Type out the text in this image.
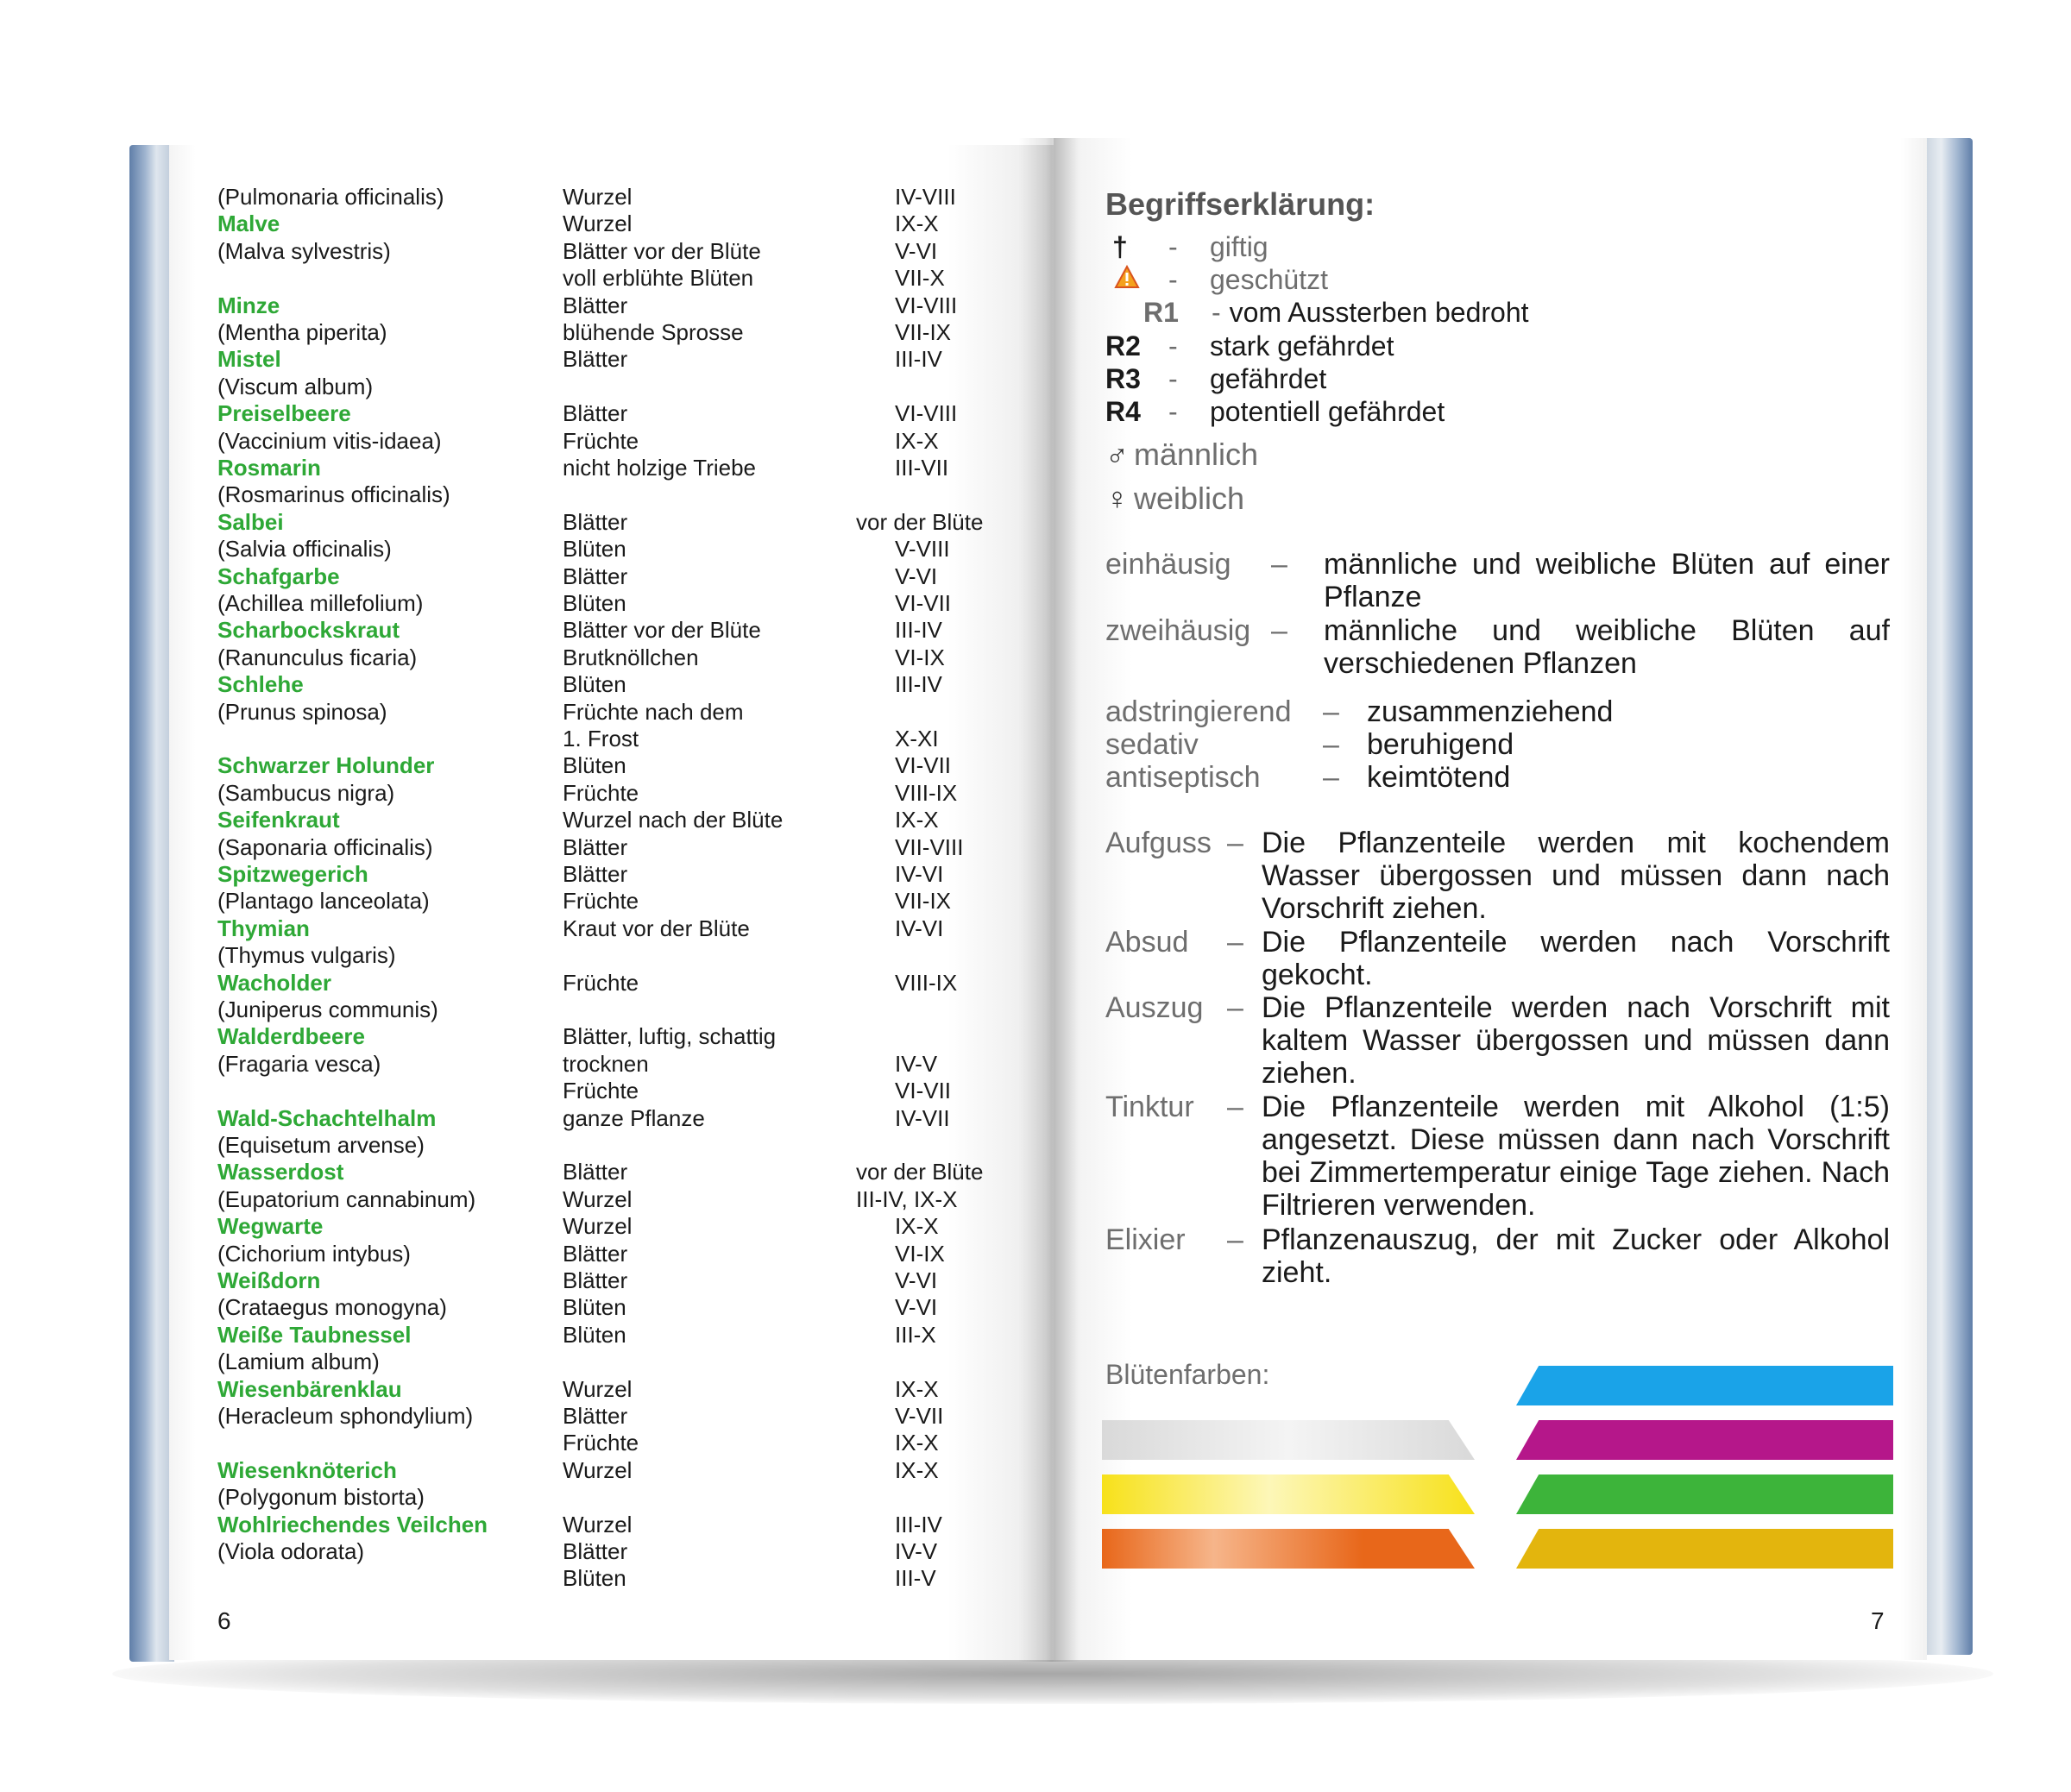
(Pulmonaria officinalis)	Wurzel	IV-VIII
Malve	Wurzel	IX-X
(Malva sylvestris)	Blätter vor der Blüte	V-VI
voll erblühte Blüten	VII-X
Minze	Blätter	VI-VIII
(Mentha piperita)	blühende Sprosse	VII-IX
Mistel	Blätter	III-IV
(Viscum album)
Preiselbeere	Blätter	VI-VIII
(Vaccinium vitis-idaea)	Früchte	IX-X
Rosmarin	nicht holzige Triebe	III-VII
(Rosmarinus officinalis)
Salbei	Blätter	vor der Blüte
(Salvia officinalis)	Blüten	V-VIII
Schafgarbe	Blätter	V-VI
(Achillea millefolium)	Blüten	VI-VII
Scharbockskraut	Blätter vor der Blüte	III-IV
(Ranunculus ficaria)	Brutknöllchen	VI-IX
Schlehe	Blüten	III-IV
(Prunus spinosa)	Früchte nach dem
1. Frost	X-XI
Schwarzer Holunder	Blüten	VI-VII
(Sambucus nigra)	Früchte	VIII-IX
Seifenkraut	Wurzel nach der Blüte	IX-X
(Saponaria officinalis)	Blätter	VII-VIII
Spitzwegerich	Blätter	IV-VI
(Plantago lanceolata)	Früchte	VII-IX
Thymian	Kraut vor der Blüte	IV-VI
(Thymus vulgaris)
Wacholder	Früchte	VIII-IX
(Juniperus communis)
Walderdbeere	Blätter, luftig, schattig
(Fragaria vesca)	trocknen	IV-V
Früchte	VI-VII
Wald-Schachtelhalm	ganze Pflanze	IV-VII
(Equisetum arvense)
Wasserdost	Blätter	vor der Blüte
(Eupatorium cannabinum)	Wurzel	III-IV, IX-X
Wegwarte	Wurzel	IX-X
(Cichorium intybus)	Blätter	VI-IX
Weißdorn	Blätter	V-VI
(Crataegus monogyna)	Blüten	V-VI
Weiße Taubnessel	Blüten	III-X
(Lamium album)
Wiesenbärenklau	Wurzel	IX-X
(Heracleum sphondylium)	Blätter	V-VII
Früchte	IX-X
Wiesenknöterich	Wurzel	IX-X
(Polygonum bistorta)
Wohlriechendes Veilchen	Wurzel	III-IV
(Viola odorata)	Blätter	IV-V
Blüten	III-V
6
Begriffserklärung:
† - giftig
- geschützt
R1 - vom Aussterben bedroht
R2 - stark gefährdet
R3 - gefährdet
R4 - potentiell gefährdet
♂ männlich
♀ weiblich
einhäusig – männliche und weibliche Blüten auf einer Pflanze
zweihäusig – männliche und weibliche Blüten auf verschiedenen Pflanzen
adstringierend – zusammenziehend
sedativ	– beruhigend
antiseptisch – keimtötend
Aufguss – Die Pflanzenteile werden mit kochendem Wasser übergossen und müssen dann nach Vorschrift ziehen.
Absud – Die Pflanzenteile werden nach Vorschrift gekocht.
Auszug – Die Pflanzenteile werden nach Vorschrift mit kaltem Wasser übergossen und müssen dann ziehen.
Tinktur – Die Pflanzenteile werden mit Alkohol (1:5) angesetzt. Diese müssen dann nach Vorschrift bei Zimmertemperatur einige Tage ziehen. Nach Filtrieren verwenden.
Elixier – Pflanzenauszug, der mit Zucker oder Alkohol zieht.
Blütenfarben:
7
